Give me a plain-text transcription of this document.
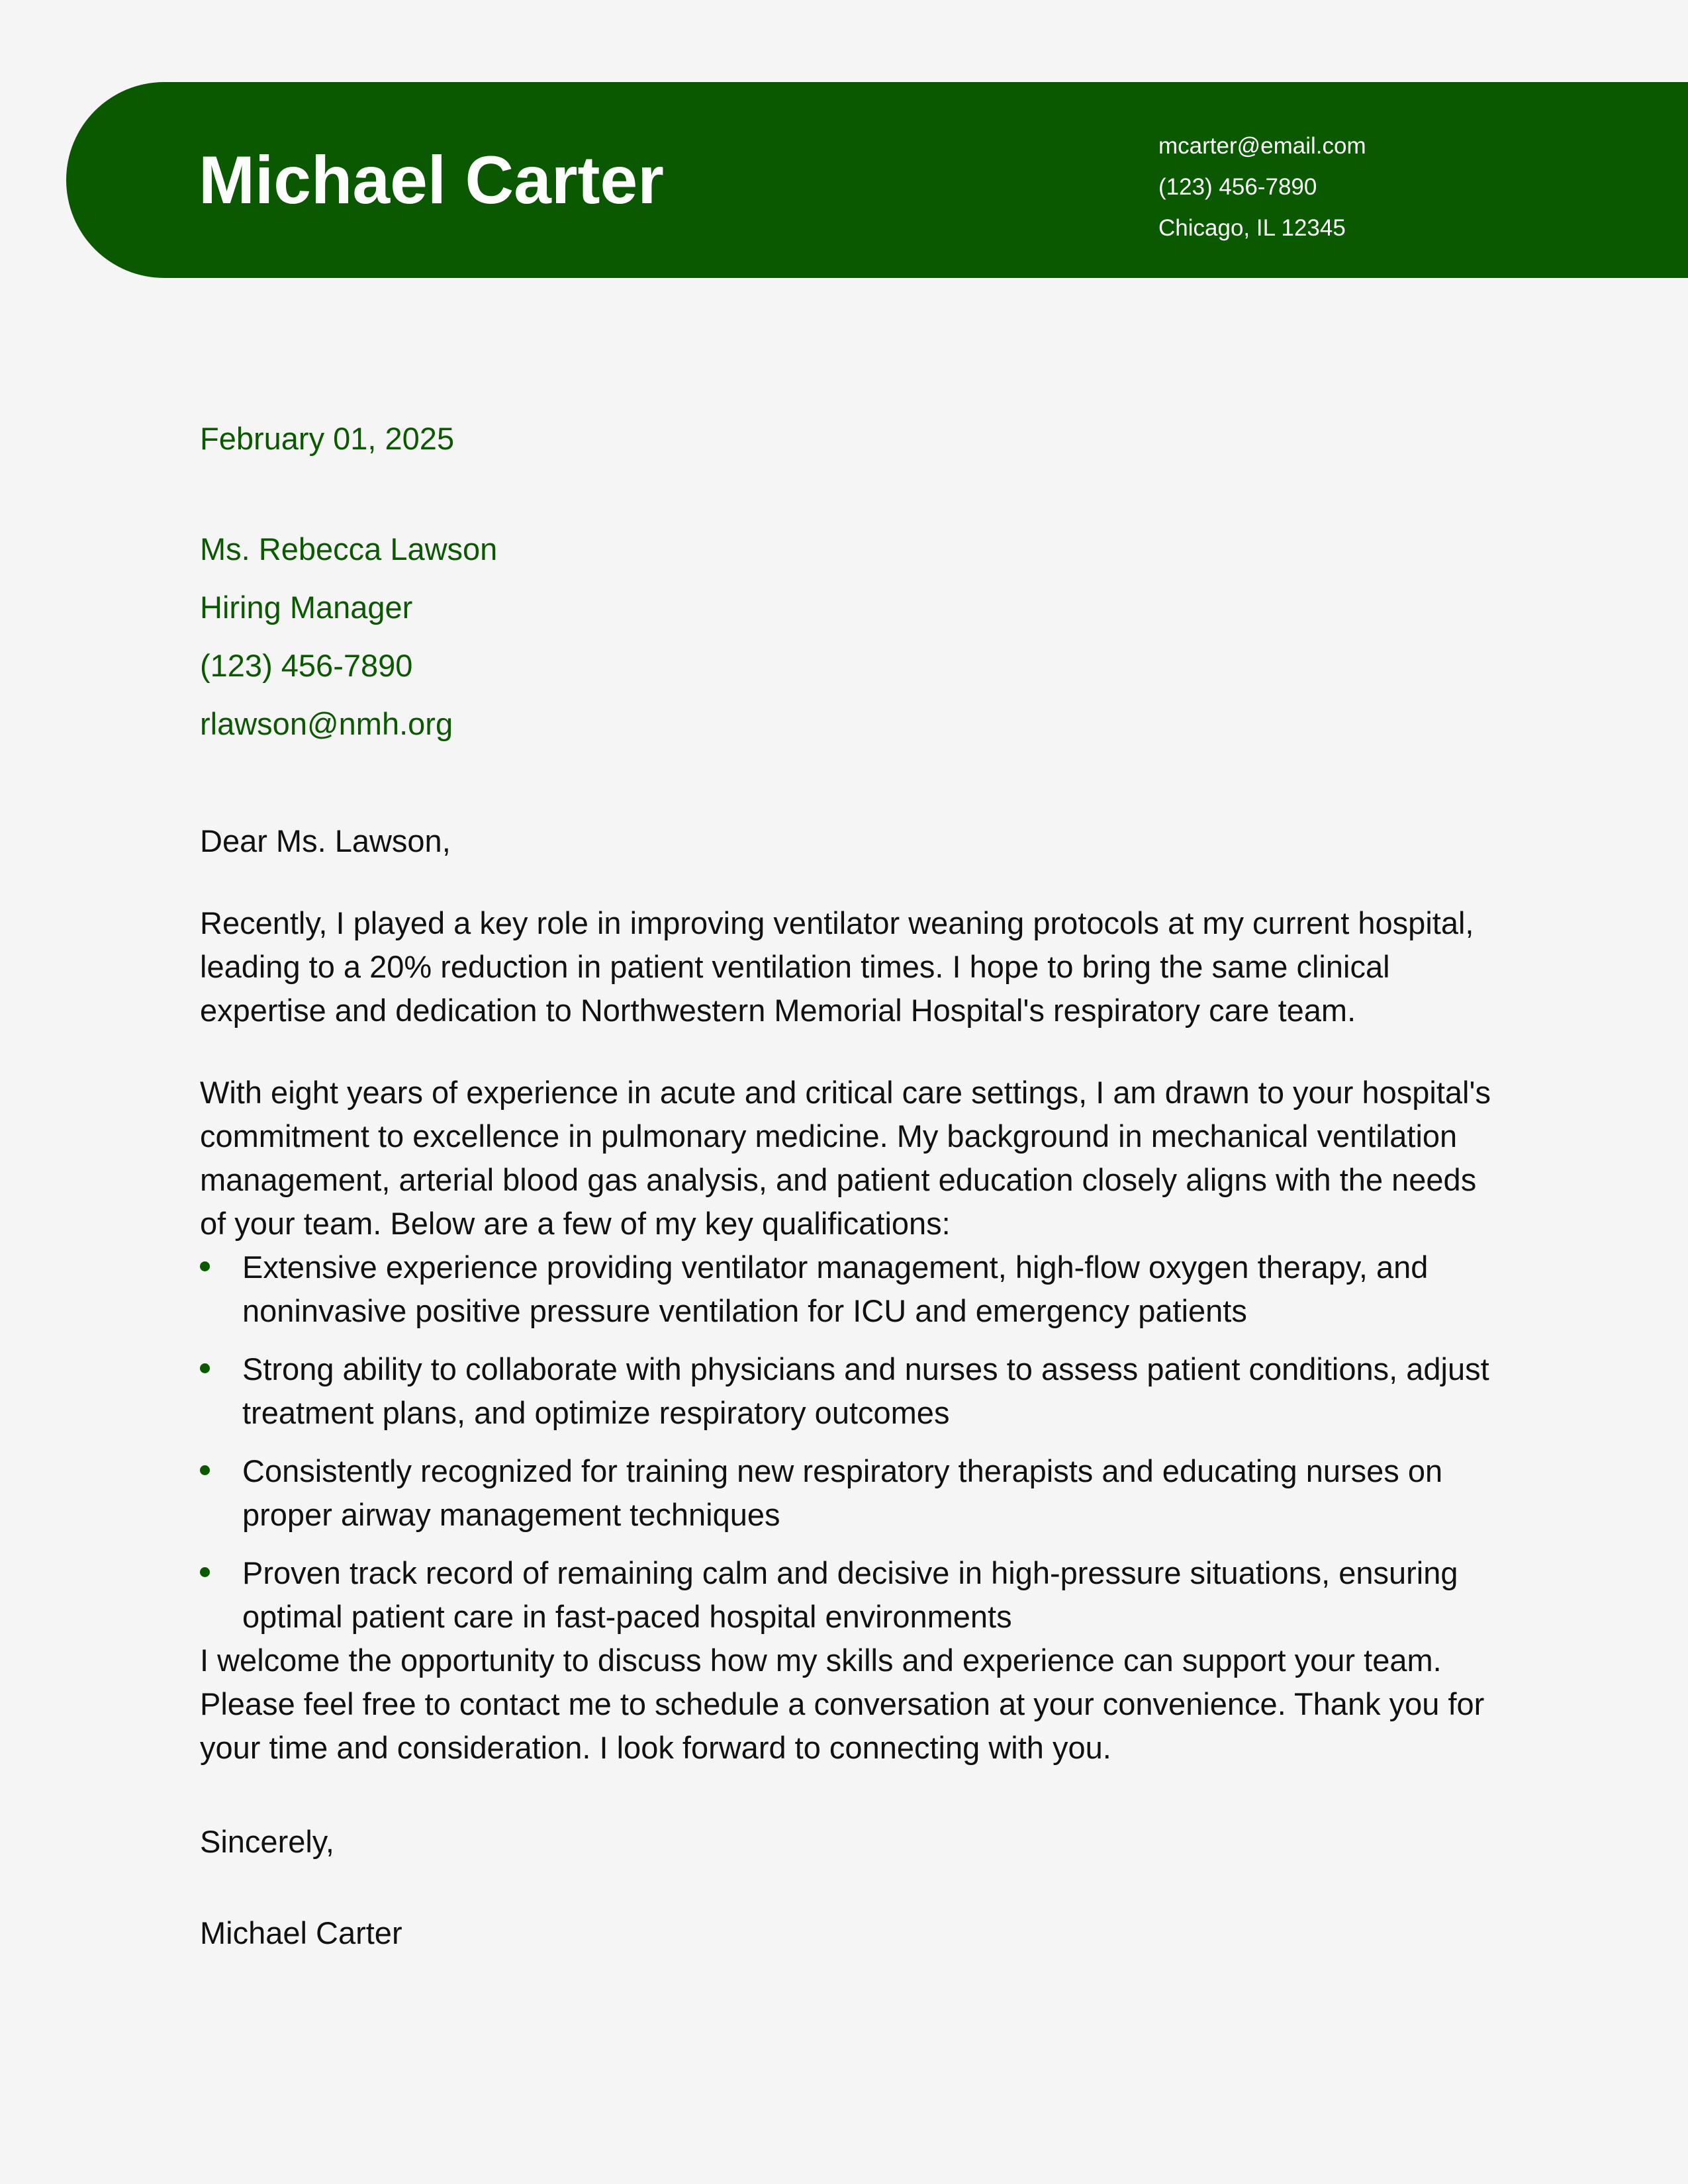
Michael Carter	mcarter@email.com
(123) 456-7890
Chicago, IL 12345

February 01, 2025

Ms. Rebecca Lawson
Hiring Manager
(123) 456-7890
rlawson@nmh.org

Dear Ms. Lawson,

Recently, I played a key role in improving ventilator weaning protocols at my current hospital, leading to a 20% reduction in patient ventilation times. I hope to bring the same clinical expertise and dedication to Northwestern Memorial Hospital's respiratory care team.

With eight years of experience in acute and critical care settings, I am drawn to your hospital's commitment to excellence in pulmonary medicine. My background in mechanical ventilation management, arterial blood gas analysis, and patient education closely aligns with the needs of your team. Below are a few of my key qualifications:

Extensive experience providing ventilator management, high-flow oxygen therapy, and noninvasive positive pressure ventilation for ICU and emergency patients
Strong ability to collaborate with physicians and nurses to assess patient conditions, adjust treatment plans, and optimize respiratory outcomes
Consistently recognized for training new respiratory therapists and educating nurses on proper airway management techniques
Proven track record of remaining calm and decisive in high-pressure situations, ensuring optimal patient care in fast-paced hospital environments

I welcome the opportunity to discuss how my skills and experience can support your team. Please feel free to contact me to schedule a conversation at your convenience. Thank you for your time and consideration. I look forward to connecting with you.

Sincerely,

Michael Carter
